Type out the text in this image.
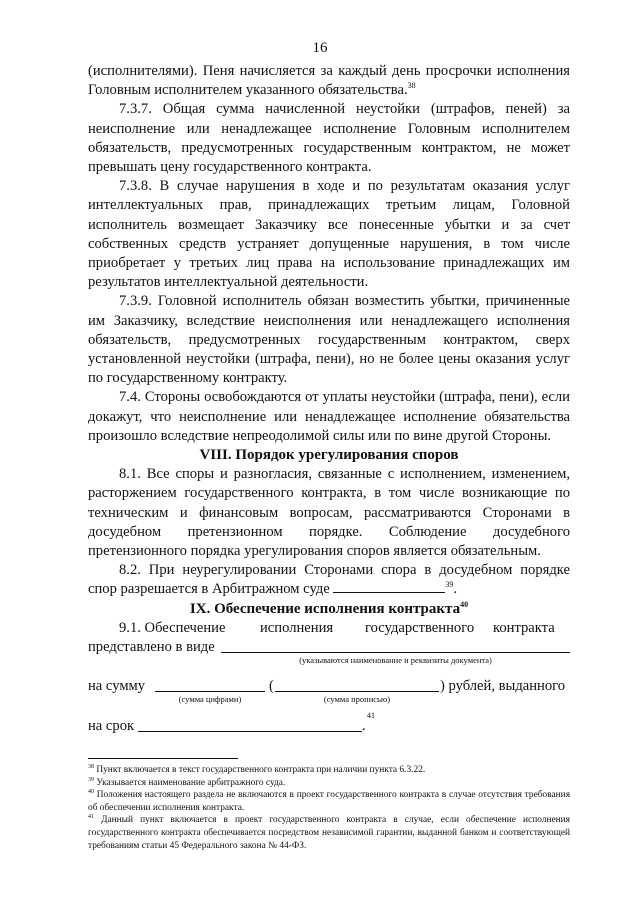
16

(исполнителями). Пеня начисляется за каждый день просрочки исполнения Головным исполнителем указанного обязательства.$^{38}$

7.3.7. Общая сумма начисленной неустойки (штрафов, пеней) за неисполнение или ненадлежащее исполнение Головным исполнителем обязательств, предусмотренных государственным контрактом, не может превышать цену государственного контракта.

7.3.8. В случае нарушения в ходе и по результатам оказания услуг интеллектуальных прав, принадлежащих третьим лицам, Головной исполнитель возмещает Заказчику все понесенные убытки и за счет собственных средств устраняет допущенные нарушения, в том числе приобретает у третьих лиц права на использование принадлежащих им результатов интеллектуальной деятельности.

7.3.9. Головной исполнитель обязан возместить убытки, причиненные им Заказчику, вследствие неисполнения или ненадлежащего исполнения обязательств, предусмотренных государственным контрактом, сверх установленной неустойки (штрафа, пени), но не более цены оказания услуг по государственному контракту.

7.4. Стороны освобождаются от уплаты неустойки (штрафа, пени), если докажут, что неисполнение или ненадлежащее исполнение обязательства произошло вследствие непреодолимой силы или по вине другой Стороны.

VIII. Порядок урегулирования споров

8.1. Все споры и разногласия, связанные с исполнением, изменением, расторжением государственного контракта, в том числе возникающие по техническим и финансовым вопросам, рассматриваются Сторонами в досудебном претензионном порядке. Соблюдение досудебного претензионного порядка урегулирования споров является обязательным.

8.2. При неурегулировании Сторонами спора в досудебном порядке спор разрешается в Арбитражном суде	$^{39}$.

IX. Обеспечение исполнения контракта$^{40}$

9.1. Обеспечение исполнения государственного контракта
представлено в виде
(указываются наименование и реквизиты документа)
на сумму	(	) рублей, выданного
(сумма цифрами)	(сумма прописью)
на срок	.
41

$^{38}$ Пункт включается в текст государственного контракта при наличии пункта 6.3.22.

$^{39}$ Указывается наименование арбитражного суда.

$^{40}$ Положения настоящего раздела не включаются в проект государственного контракта в случае отсутствия требования об обеспечении исполнения контракта.

$^{41}$ Данный пункт включается в проект государственного контракта в случае, если обеспечение исполнения государственного контракта обеспечивается посредством независимой гарантии, выданной банком и соответствующей требованиям статьи 45 Федерального закона № 44-ФЗ.
